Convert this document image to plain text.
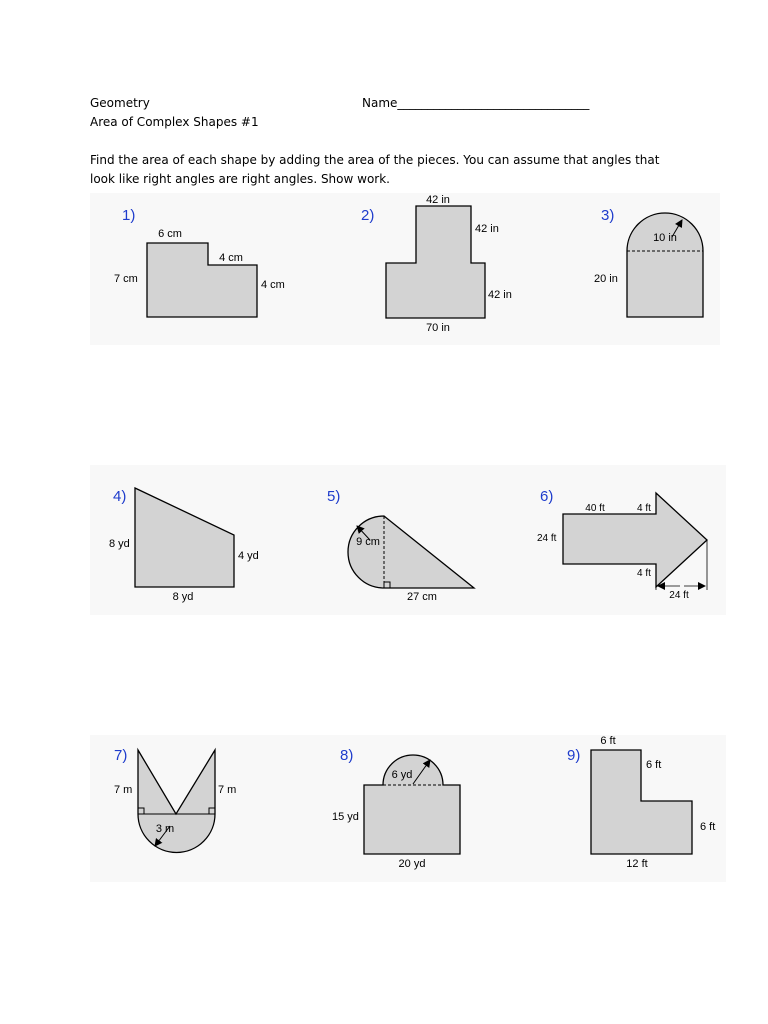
Geometry	Name________________________________
Area of Complex Shapes #1
Find the area of each shape by adding the area of the pieces. You can assume that angles that
look like right angles are right angles. Show work.
1)
6 cm
4 cm
7 cm	4 cm
2)
42 in
42 in
42 in
70 in
3)
10 in
20 in
4)
8 yd
4 yd
8 yd
5)
9 cm
27 cm
6)
40 ft	4 ft
24 ft
4 ft
24 ft
7)
7 m	7 m
3 m
8)
6 yd
15 yd
20 yd
9)
6 ft
6 ft
6 ft
12 ft
